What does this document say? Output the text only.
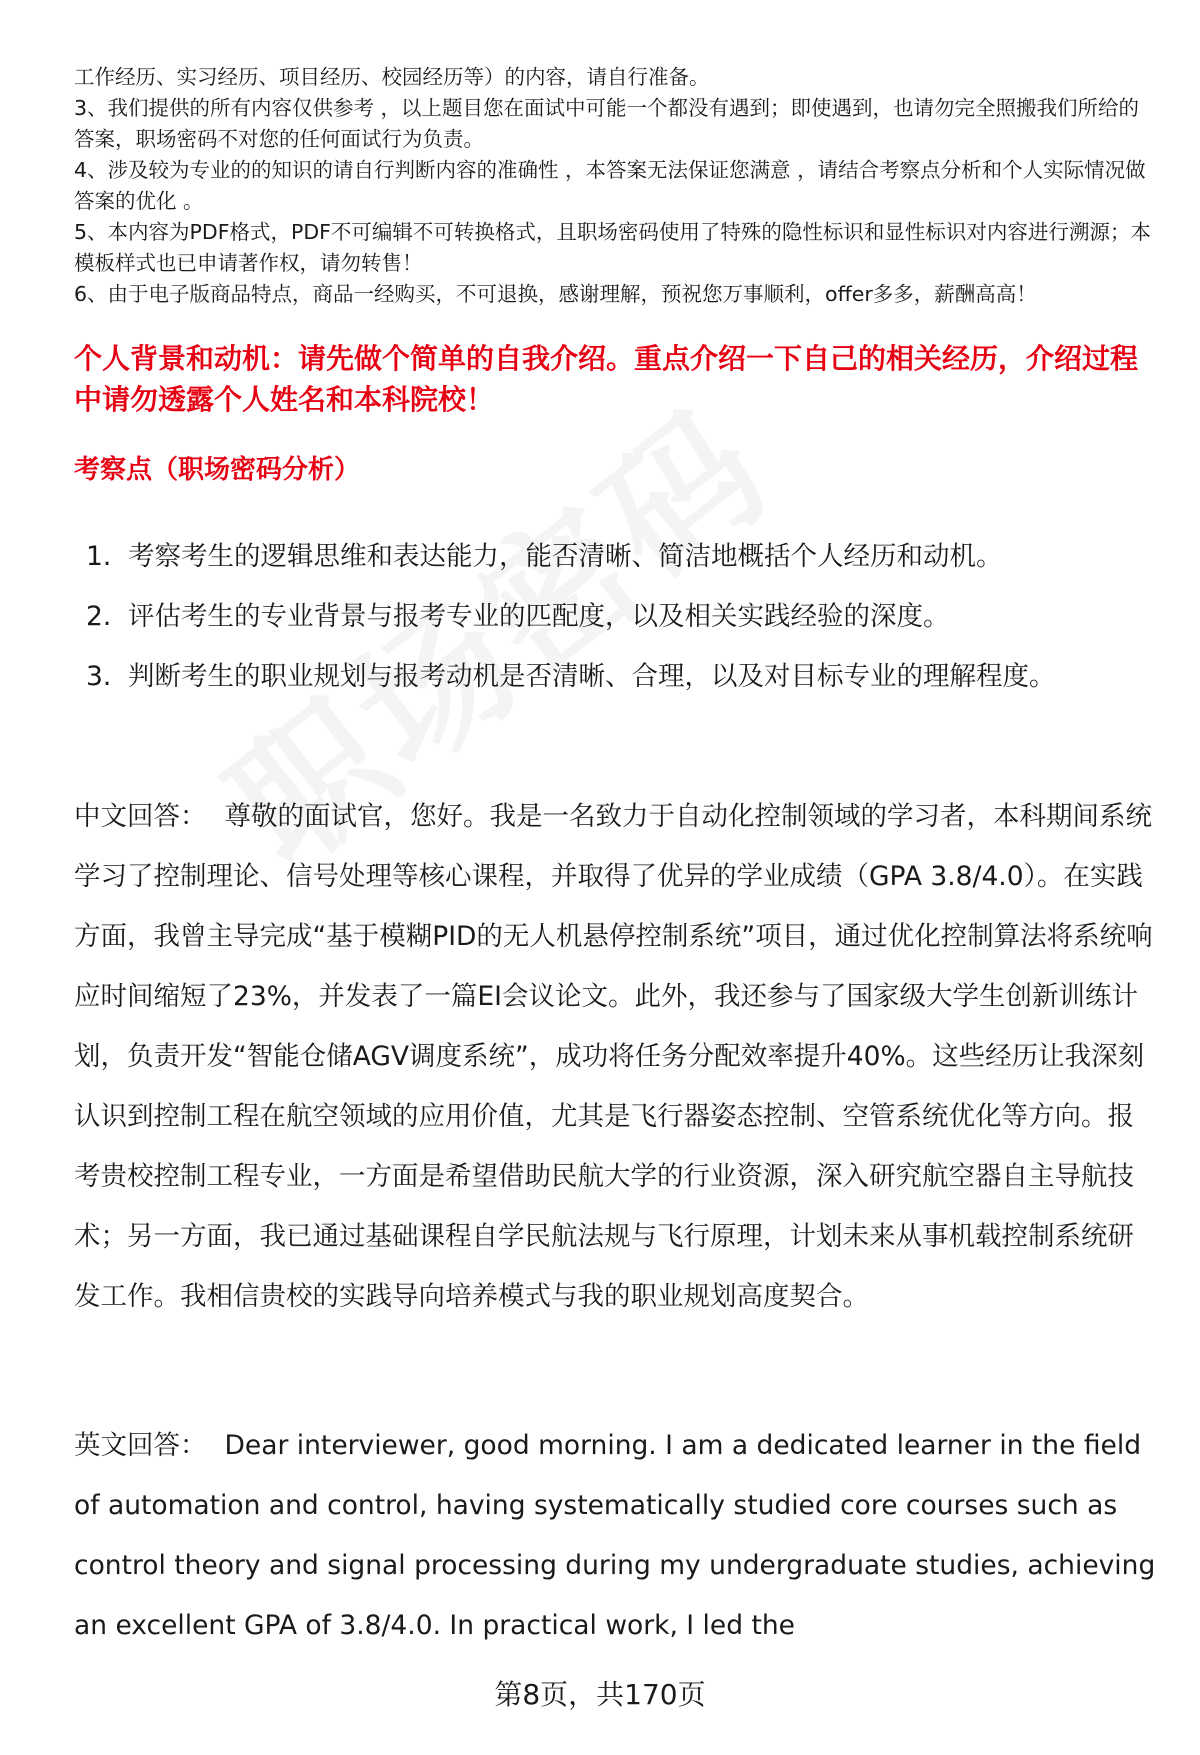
工作经历、实习经历、项目经历、校园经历等）的内容，请自行准备。

3、我们提供的所有内容仅供参考 ，以上题目您在面试中可能一个都没有遇到；即使遇到，也请勿完全照搬我们所给的答案，职场密码不对您的任何面试行为负责。

4、涉及较为专业的的知识的请自行判断内容的准确性 ，本答案无法保证您满意 ，请结合考察点分析和个人实际情况做答案的优化 。

5、本内容为PDF格式，PDF不可编辑不可转换格式，且职场密码使用了特殊的隐性标识和显性标识对内容进行溯源；本模板样式也已申请著作权，请勿转售！

6、由于电子版商品特点，商品一经购买，不可退换，感谢理解，预祝您万事顺利，offer多多，薪酬高高！

个人背景和动机：请先做个简单的自我介绍。重点介绍一下自己的相关经历，介绍过程中请勿透露个人姓名和本科院校！
考察点（职场密码分析）
1. 考察考生的逻辑思维和表达能力，能否清晰、简洁地概括个人经历和动机。
2. 评估考生的专业背景与报考专业的匹配度，以及相关实践经验的深度。
3. 判断考生的职业规划与报考动机是否清晰、合理，以及对目标专业的理解程度。

中文回答： 尊敬的面试官，您好。我是一名致力于自动化控制领域的学习者，本科期间系统学习了控制理论、信号处理等核心课程，并取得了优异的学业成绩（GPA 3.8/4.0）。在实践方面，我曾主导完成“基于模糊PID的无人机悬停控制系统”项目，通过优化控制算法将系统响应时间缩短了23%，并发表了一篇EI会议论文。此外，我还参与了国家级大学生创新训练计划，负责开发“智能仓储AGV调度系统”，成功将任务分配效率提升40%。这些经历让我深刻认识到控制工程在航空领域的应用价值，尤其是飞行器姿态控制、空管系统优化等方向。报考贵校控制工程专业，一方面是希望借助民航大学的行业资源，深入研究航空器自主导航技术；另一方面，我已通过基础课程自学民航法规与飞行原理，计划未来从事机载控制系统研发工作。我相信贵校的实践导向培养模式与我的职业规划高度契合。

英文回答： Dear interviewer, good morning. I am a dedicated learner in the field of automation and control, having systematically studied core courses such as control theory and signal processing during my undergraduate studies, achieving an excellent GPA of 3.8/4.0. In practical work, I led the

第8页，共170页
